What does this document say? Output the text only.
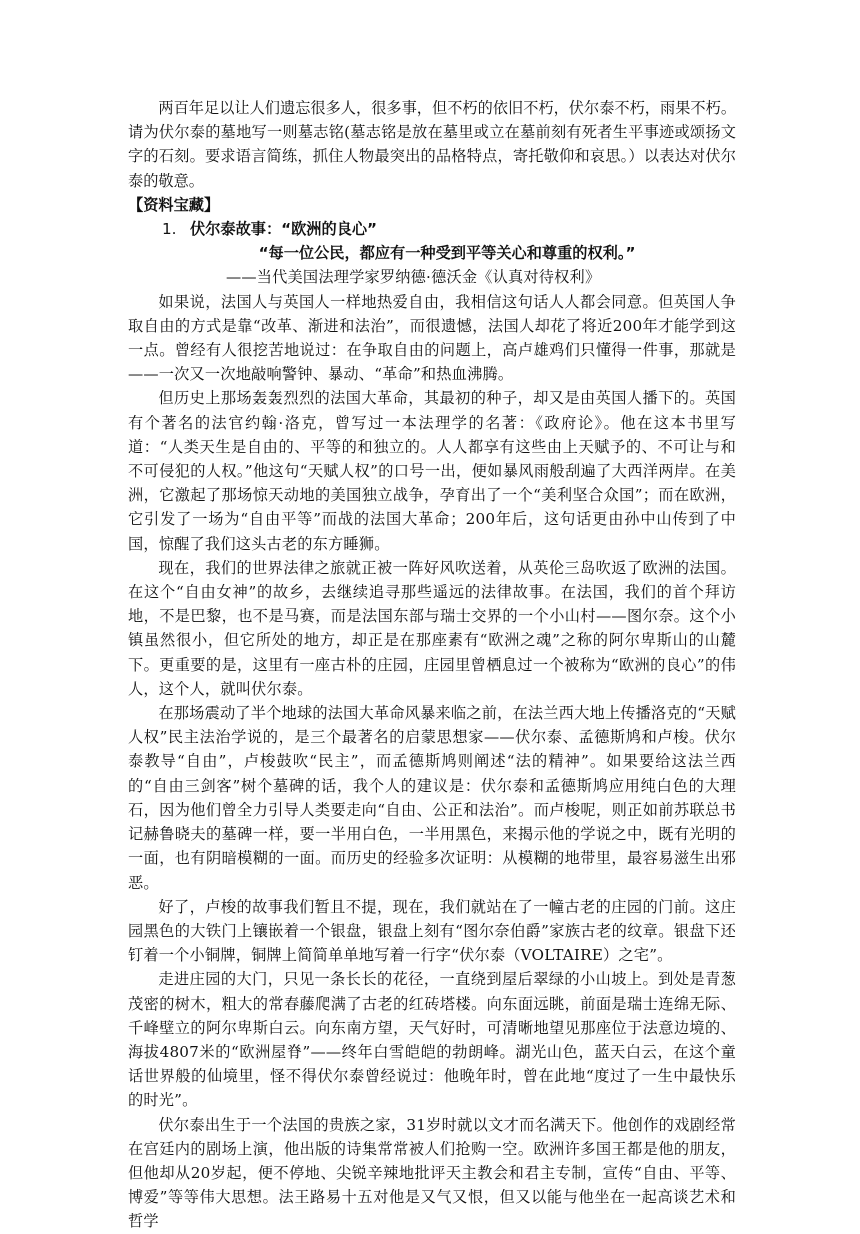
两百年足以让人们遗忘很多人，很多事，但不朽的依旧不朽，伏尔泰不朽，雨果不朽。请为伏尔泰的墓地写一则墓志铭(墓志铭是放在墓里或立在墓前刻有死者生平事迹或颂扬文字的石刻。要求语言简练，抓住人物最突出的品格特点，寄托敬仰和哀思。）以表达对伏尔泰的敬意。

【资料宝藏】

1. 伏尔泰故事：“欧洲的良心”

“每一位公民，都应有一种受到平等关心和尊重的权利。”

——当代美国法理学家罗纳德·德沃金《认真对待权利》

如果说，法国人与英国人一样地热爱自由，我相信这句话人人都会同意。但英国人争取自由的方式是靠“改革、渐进和法治”，而很遗憾，法国人却花了将近200年才能学到这一点。曾经有人很挖苦地说过：在争取自由的问题上，高卢雄鸡们只懂得一件事，那就是——一次又一次地敲响警钟、暴动、“革命”和热血沸腾。

但历史上那场轰轰烈烈的法国大革命，其最初的种子，却又是由英国人播下的。英国有个著名的法官约翰·洛克，曾写过一本法理学的名著：《政府论》。他在这本书里写道：“人类天生是自由的、平等的和独立的。人人都享有这些由上天赋予的、不可让与和不可侵犯的人权。”他这句“天赋人权”的口号一出，便如暴风雨般刮遍了大西洋两岸。在美洲，它激起了那场惊天动地的美国独立战争，孕育出了一个“美利坚合众国”；而在欧洲，它引发了一场为“自由平等”而战的法国大革命；200年后，这句话更由孙中山传到了中国，惊醒了我们这头古老的东方睡狮。

现在，我们的世界法律之旅就正被一阵好风吹送着，从英伦三岛吹返了欧洲的法国。在这个“自由女神”的故乡，去继续追寻那些遥远的法律故事。在法国，我们的首个拜访地，不是巴黎，也不是马赛，而是法国东部与瑞士交界的一个小山村——图尔奈。这个小镇虽然很小，但它所处的地方，却正是在那座素有“欧洲之魂”之称的阿尔卑斯山的山麓下。更重要的是，这里有一座古朴的庄园，庄园里曾栖息过一个被称为“欧洲的良心”的伟人，这个人，就叫伏尔泰。

在那场震动了半个地球的法国大革命风暴来临之前，在法兰西大地上传播洛克的“天赋人权”民主法治学说的，是三个最著名的启蒙思想家——伏尔泰、孟德斯鸠和卢梭。伏尔泰教导“自由”，卢梭鼓吹“民主”，而孟德斯鸠则阐述“法的精神”。如果要给这法兰西的“自由三剑客”树个墓碑的话，我个人的建议是：伏尔泰和孟德斯鸠应用纯白色的大理石，因为他们曾全力引导人类要走向“自由、公正和法治”。而卢梭呢，则正如前苏联总书记赫鲁晓夫的墓碑一样，要一半用白色，一半用黑色，来揭示他的学说之中，既有光明的一面，也有阴暗模糊的一面。而历史的经验多次证明：从模糊的地带里，最容易滋生出邪恶。

好了，卢梭的故事我们暂且不提，现在，我们就站在了一幢古老的庄园的门前。这庄园黑色的大铁门上镶嵌着一个银盘，银盘上刻有“图尔奈伯爵”家族古老的纹章。银盘下还钉着一个小铜牌，铜牌上简简单单地写着一行字“伏尔泰（VOLTAIRE）之宅”。

走进庄园的大门，只见一条长长的花径，一直绕到屋后翠绿的小山坡上。到处是青葱茂密的树木，粗大的常春藤爬满了古老的红砖塔楼。向东面远眺，前面是瑞士连绵无际、千峰壁立的阿尔卑斯白云。向东南方望，天气好时，可清晰地望见那座位于法意边境的、海拔4807米的“欧洲屋脊”——终年白雪皑皑的勃朗峰。湖光山色，蓝天白云，在这个童话世界般的仙境里，怪不得伏尔泰曾经说过：他晚年时，曾在此地“度过了一生中最快乐的时光”。

伏尔泰出生于一个法国的贵族之家，31岁时就以文才而名满天下。他创作的戏剧经常在宫廷内的剧场上演，他出版的诗集常常被人们抢购一空。欧洲许多国王都是他的朋友，但他却从20岁起，便不停地、尖锐辛辣地批评天主教会和君主专制，宣传“自由、平等、博爱”等等伟大思想。法王路易十五对他是又气又恨，但又以能与他坐在一起高谈艺术和哲学
